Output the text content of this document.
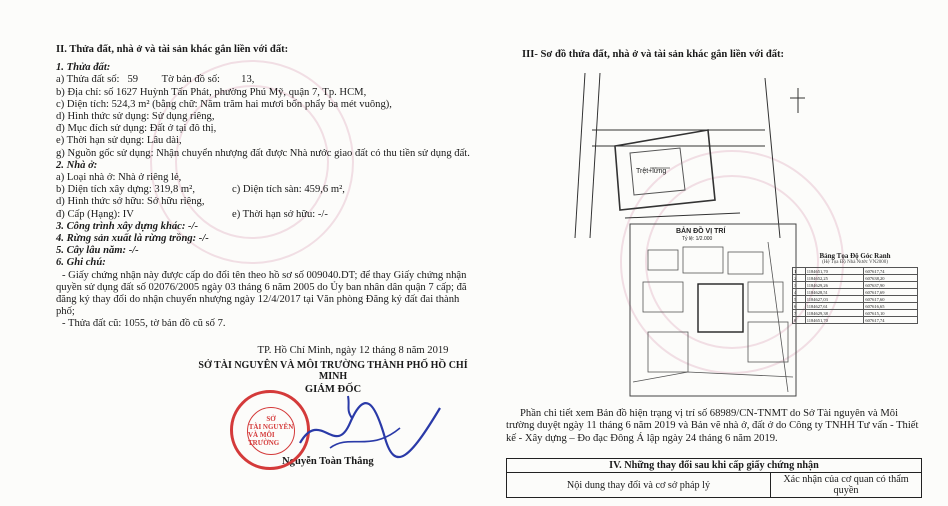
II. Thửa đất, nhà ở và tài sản khác gắn liền với đất:
1. Thửa đất:
a) Thửa đất số:   59         Tờ bản đồ số:        13,
b) Địa chỉ: số 1627 Huỳnh Tấn Phát, phường Phú Mỹ, quận 7, Tp. HCM,
c) Diện tích: 524,3 m² (bằng chữ: Năm trăm hai mươi bốn phẩy ba mét vuông),
d) Hình thức sử dụng: Sử dụng riêng,
đ) Mục đích sử dụng: Đất ở tại đô thị,
e) Thời hạn sử dụng: Lâu dài,
g) Nguồn gốc sử dụng: Nhận chuyển nhượng đất được Nhà nước giao đất có thu tiền sử dụng đất.
2. Nhà ở:
a) Loại nhà ở: Nhà ở riêng lẻ,
b) Diện tích xây dựng: 319,8 m²,	c) Diện tích sàn: 459,6 m²,
d) Hình thức sở hữu: Sở hữu riêng,
đ) Cấp (Hạng): IV	e) Thời hạn sở hữu: -/-
3. Công trình xây dựng khác: -/-
4. Rừng sản xuất là rừng trồng: -/-
5. Cây lâu năm: -/-
6. Ghi chú:
- Giấy chứng nhận này được cấp do đổi tên theo hồ sơ số 009040.DT; để thay Giấy chứng nhận quyền sử dụng đất số 02076/2005 ngày 03 tháng 6 năm 2005 do Ủy ban nhân dân quận 7 cấp; đã đăng ký thay đổi do nhận chuyển nhượng ngày 12/4/2017 tại Văn phòng Đăng ký đất đai thành phố;
- Thửa đất cũ: 1055, tờ bản đồ cũ số 7.
TP. Hồ Chí Minh, ngày 12 tháng 8 năm 2019
SỞ TÀI NGUYÊN VÀ MÔI TRƯỜNG THÀNH PHỐ HỒ CHÍ MINH
GIÁM ĐỐC
Nguyễn Toàn Thắng
SỞ
TÀI NGUYÊN
VÀ MÔI TRƯỜNG
III- Sơ đồ thửa đất, nhà ở và tài sản khác gắn liền với đất:
Trệt+lửng
BẢN ĐỒ VỊ TRÍ
Tỷ lệ: 1/2.000
Bảng Tọa Độ Góc Ranh
(Hệ Tọa Độ Nhà Nước VN2000)
1	1184651,70	607617,74
2	1184652,25	607638,20
3	1184629,26	607637,90
4	1184628,51	607617,69
5	1184627,03	607617,60
6	1184627,61	607616,65
7	1184629,38	607615,10
8	1184651,70	607617,74
Phần chi tiết xem Bản đồ hiện trạng vị trí số 68989/CN-TNMT do Sở Tài nguyên và Môi trường duyệt ngày 11 tháng 6 năm 2019 và Bản vẽ nhà ở, đất ở do Công ty TNHH Tư vấn - Thiết kế - Xây dựng – Đo đạc Đông Á lập ngày 24 tháng 6 năm 2019.
IV. Những thay đổi sau khi cấp giấy chứng nhận
Nội dung thay đổi và cơ sở pháp lý	Xác nhận của cơ quan có thẩm quyền
